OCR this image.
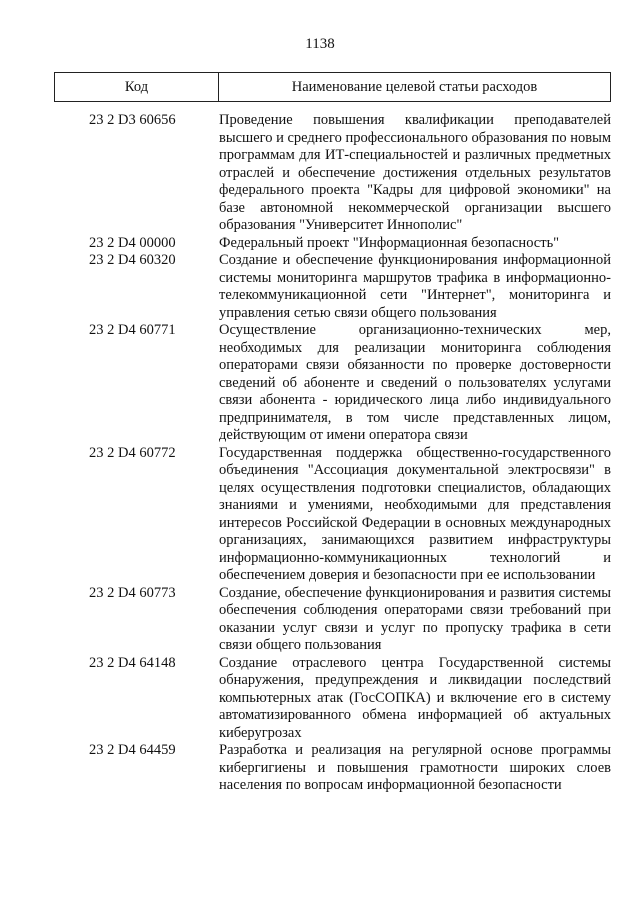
1138
Код	Наименование целевой статьи расходов
23 2 D3 60656	Проведение повышения квалификации преподавателей высшего и среднего профессионального образования по новым программам для ИТ-специальностей и различных предметных отраслей и обеспечение достижения отдельных результатов федерального проекта "Кадры для цифровой экономики" на базе автономной некоммерческой организации высшего образования "Университет Иннополис"
23 2 D4 00000	Федеральный проект "Информационная безопасность"
23 2 D4 60320	Создание и обеспечение функционирования информационной системы мониторинга маршрутов трафика в информационно-телекоммуникационной сети "Интернет", мониторинга и управления сетью связи общего пользования
23 2 D4 60771	Осуществление организационно-технических мер, необходимых для реализации мониторинга соблюдения операторами связи обязанности по проверке достоверности сведений об абоненте и сведений о пользователях услугами связи абонента - юридического лица либо индивидуального предпринимателя, в том числе представленных лицом, действующим от имени оператора связи
23 2 D4 60772	Государственная поддержка общественно-государственного объединения "Ассоциация документальной электросвязи" в целях осуществления подготовки специалистов, обладающих знаниями и умениями, необходимыми для представления интересов Российской Федерации в основных международных организациях, занимающихся развитием инфраструктуры информационно-коммуникационных технологий и обеспечением доверия и безопасности при ее использовании
23 2 D4 60773	Создание, обеспечение функционирования и развития системы обеспечения соблюдения операторами связи требований при оказании услуг связи и услуг по пропуску трафика в сети связи общего пользования
23 2 D4 64148	Создание отраслевого центра Государственной системы обнаружения, предупреждения и ликвидации последствий компьютерных атак (ГосСОПКА) и включение его в систему автоматизированного обмена информацией об актуальных киберугрозах
23 2 D4 64459	Разработка и реализация на регулярной основе программы кибергигиены и повышения грамотности широких слоев населения по вопросам информационной безопасности
